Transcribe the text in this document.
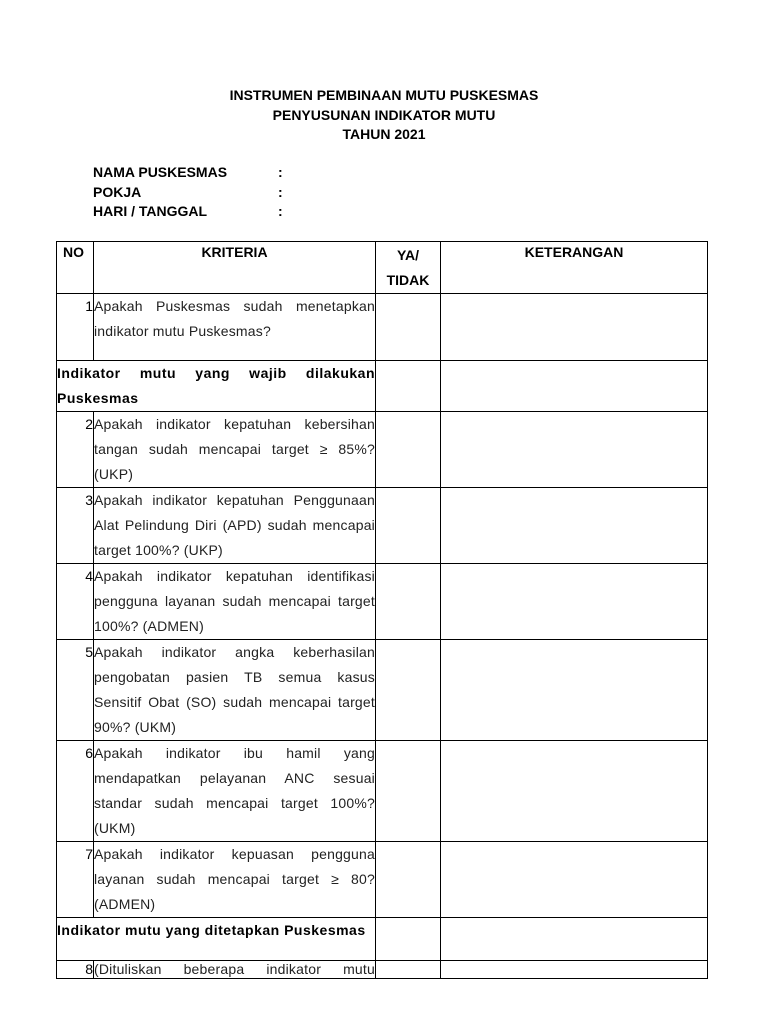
INSTRUMEN PEMBINAAN MUTU PUSKESMAS
PENYUSUNAN INDIKATOR MUTU
TAHUN 2021
NAMA PUSKESMAS	:
POKJA	:
HARI / TANGGAL	:
NO	KRITERIA	YA/ TIDAK	KETERANGAN
1	Apakah Puskesmas sudah menetapkan indikator mutu Puskesmas?		
Indikator mutu yang wajib dilakukan Puskesmas			
2	Apakah indikator kepatuhan kebersihan tangan sudah mencapai target ≥ 85%? (UKP)		
3	Apakah indikator kepatuhan Penggunaan Alat Pelindung Diri (APD) sudah mencapai target 100%? (UKP)		
4	Apakah indikator kepatuhan identifikasi pengguna layanan sudah mencapai target 100%? (ADMEN)		
5	Apakah indikator angka keberhasilan pengobatan pasien TB semua kasus Sensitif Obat (SO) sudah mencapai target 90%? (UKM)		
6	Apakah indikator ibu hamil yang mendapatkan pelayanan ANC sesuai standar sudah mencapai target 100%? (UKM)		
7	Apakah indikator kepuasan pengguna layanan sudah mencapai target ≥ 80? (ADMEN)		
Indikator mutu yang ditetapkan Puskesmas			
8	(Dituliskan beberapa indikator mutu		
